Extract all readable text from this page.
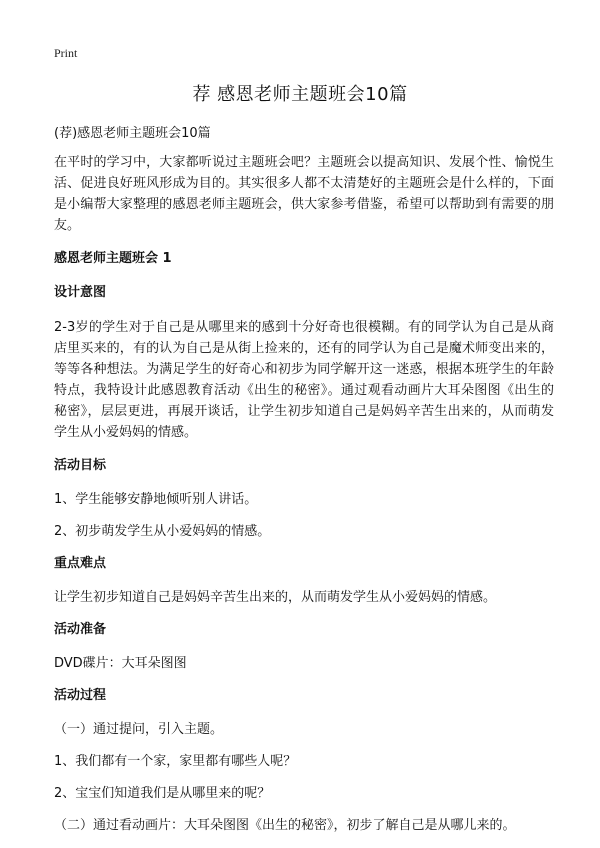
Print
荐 感恩老师主题班会10篇
(荐)感恩老师主题班会10篇

在平时的学习中，大家都听说过主题班会吧？主题班会以提高知识、发展个性、愉悦生活、促进良好班风形成为目的。其实很多人都不太清楚好的主题班会是什么样的，下面是小编帮大家整理的感恩老师主题班会，供大家参考借鉴，希望可以帮助到有需要的朋友。

感恩老师主题班会 1
设计意图

2-3岁的学生对于自己是从哪里来的感到十分好奇也很模糊。有的同学认为自己是从商店里买来的，有的认为自己是从街上捡来的，还有的同学认为自己是魔术师变出来的，等等各种想法。为满足学生的好奇心和初步为同学解开这一迷惑，根据本班学生的年龄特点，我特设计此感恩教育活动《出生的秘密》。通过观看动画片大耳朵图图《出生的秘密》，层层更进，再展开谈话，让学生初步知道自己是妈妈辛苦生出来的，从而萌发学生从小爱妈妈的情感。

活动目标
1、学生能够安静地倾听别人讲话。
2、初步萌发学生从小爱妈妈的情感。
重点难点
让学生初步知道自己是妈妈辛苦生出来的，从而萌发学生从小爱妈妈的情感。
活动准备
DVD碟片：大耳朵图图
活动过程
（一）通过提问，引入主题。
1、我们都有一个家，家里都有哪些人呢？
2、宝宝们知道我们是从哪里来的呢？
（二）通过看动画片：大耳朵图图《出生的秘密》，初步了解自己是从哪儿来的。
